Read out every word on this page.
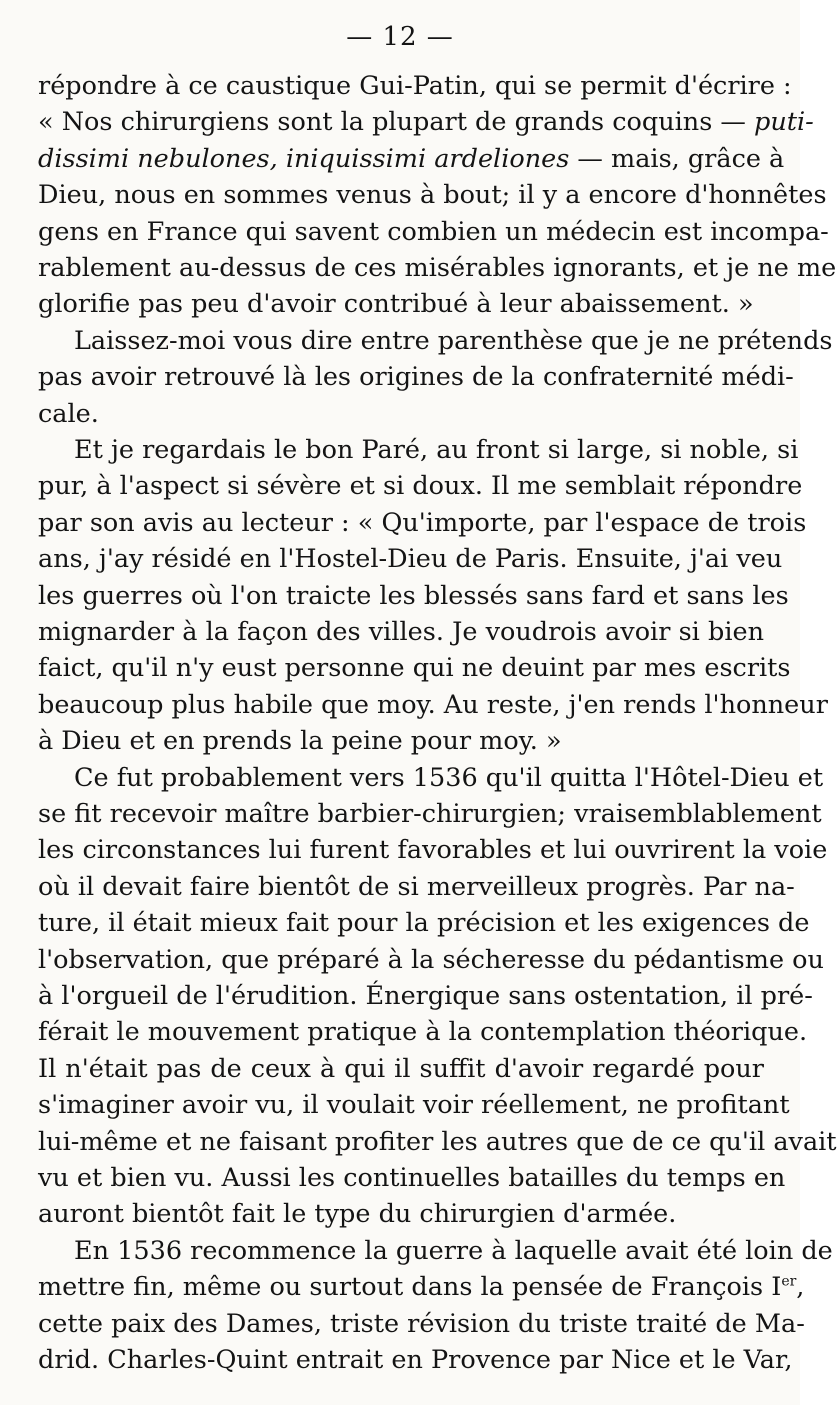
— 12 —
répondre à ce caustique Gui-Patin, qui se permit d'écrire :
« Nos chirurgiens sont la plupart de grands coquins — puti-
dissimi nebulones, iniquissimi ardeliones — mais, grâce à
Dieu, nous en sommes venus à bout; il y a encore d'honnêtes
gens en France qui savent combien un médecin est incompa-
rablement au-dessus de ces misérables ignorants, et je ne me
glorifie pas peu d'avoir contribué à leur abaissement. »
Laissez-moi vous dire entre parenthèse que je ne prétends
pas avoir retrouvé là les origines de la confraternité médi-
cale.
Et je regardais le bon Paré, au front si large, si noble, si
pur, à l'aspect si sévère et si doux. Il me semblait répondre
par son avis au lecteur : « Qu'importe, par l'espace de trois
ans, j'ay résidé en l'Hostel-Dieu de Paris. Ensuite, j'ai veu
les guerres où l'on traicte les blessés sans fard et sans les
mignarder à la façon des villes. Je voudrois avoir si bien
faict, qu'il n'y eust personne qui ne deuint par mes escrits
beaucoup plus habile que moy. Au reste, j'en rends l'honneur
à Dieu et en prends la peine pour moy. »
Ce fut probablement vers 1536 qu'il quitta l'Hôtel-Dieu et
se fit recevoir maître barbier-chirurgien; vraisemblablement
les circonstances lui furent favorables et lui ouvrirent la voie
où il devait faire bientôt de si merveilleux progrès. Par na-
ture, il était mieux fait pour la précision et les exigences de
l'observation, que préparé à la sécheresse du pédantisme ou
à l'orgueil de l'érudition. Énergique sans ostentation, il pré-
férait le mouvement pratique à la contemplation théorique.
Il n'était pas de ceux à qui il suffit d'avoir regardé pour
s'imaginer avoir vu, il voulait voir réellement, ne profitant
lui-même et ne faisant profiter les autres que de ce qu'il avait
vu et bien vu. Aussi les continuelles batailles du temps en
auront bientôt fait le type du chirurgien d'armée.
En 1536 recommence la guerre à laquelle avait été loin de
mettre fin, même ou surtout dans la pensée de François Ier,
cette paix des Dames, triste révision du triste traité de Ma-
drid. Charles-Quint entrait en Provence par Nice et le Var,
